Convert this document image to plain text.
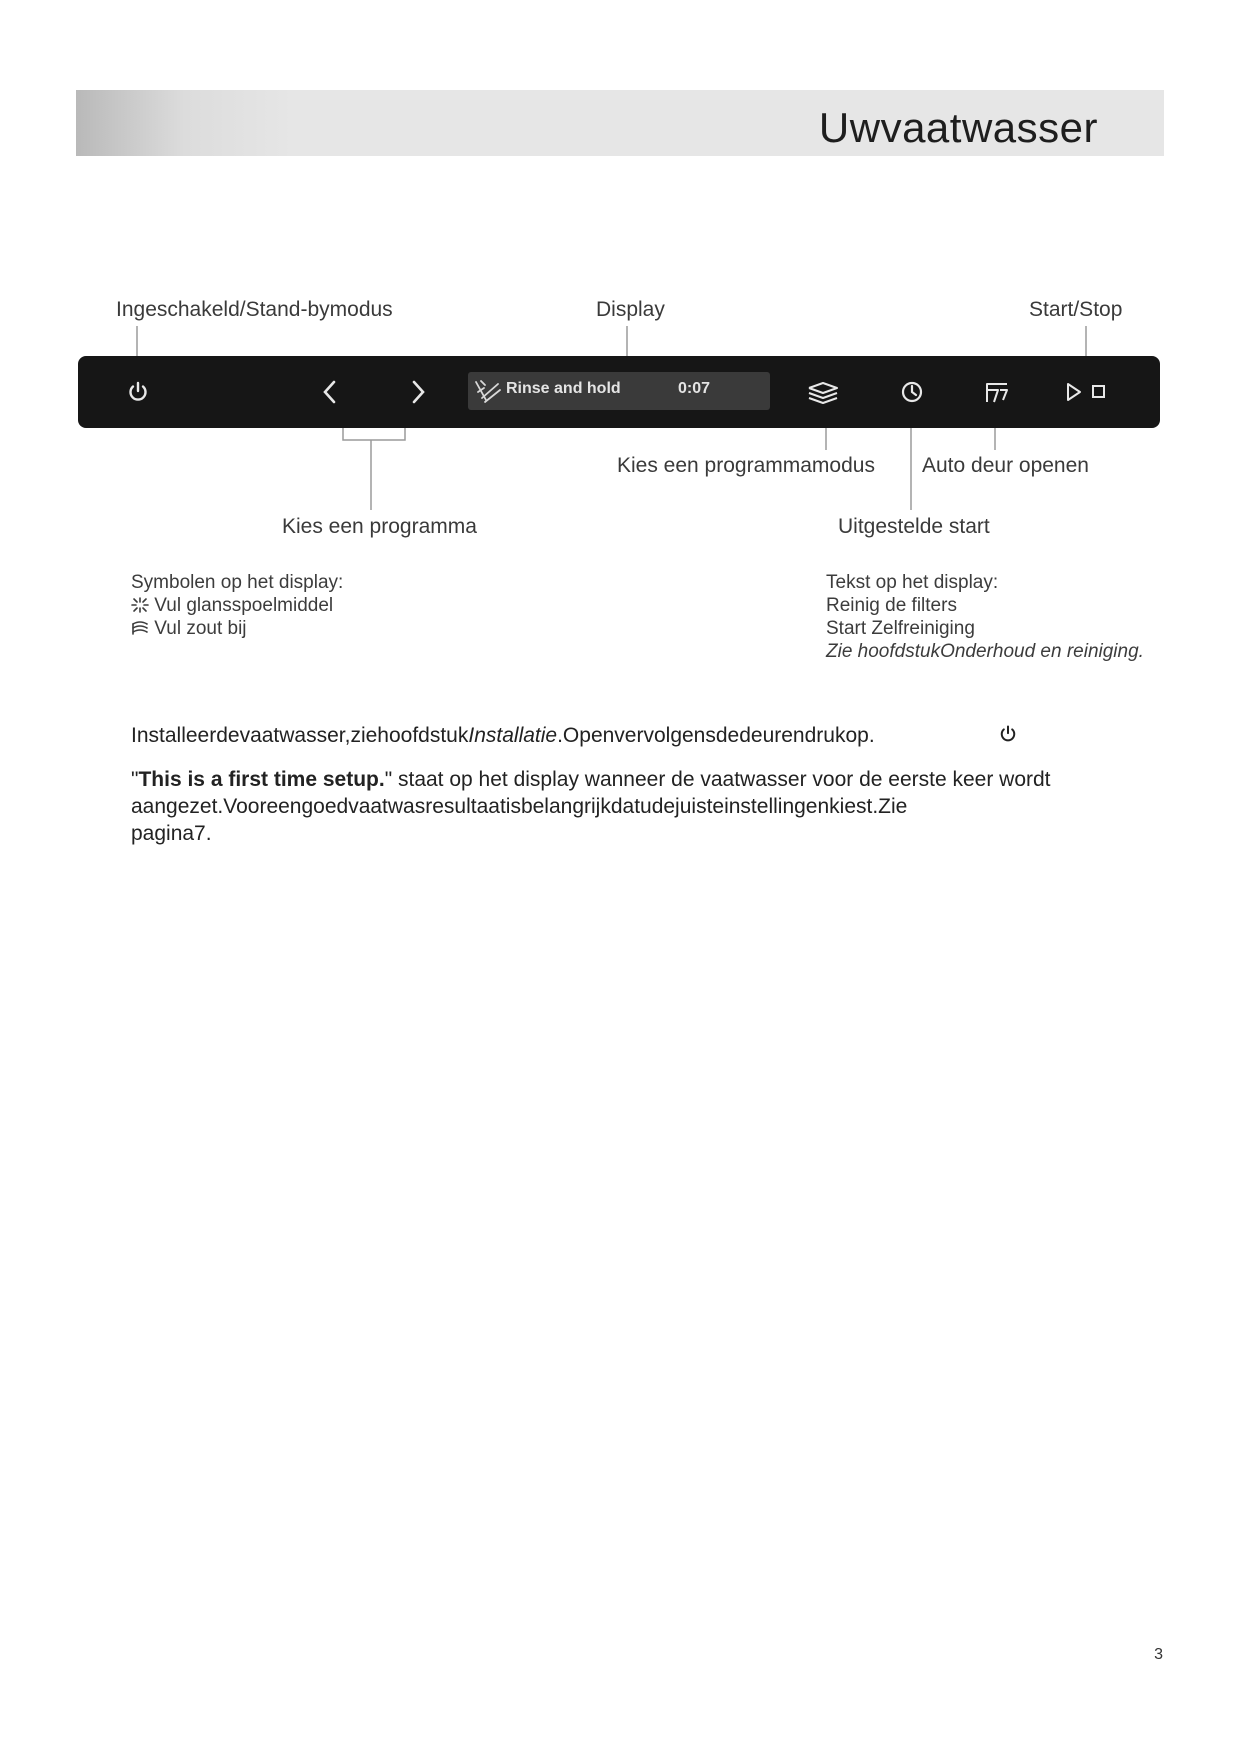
Uwvaatwasser
Ingeschakeld/Stand-bymodus	Display	Start/Stop
Kies een programmamodus Auto deur openen
Kies een programma	Uitgestelde start
Rinse and hold	0:07
Symbolen op het display:
Vul glansspoelmiddel
Vul zout bij
Tekst op het display:
Reinig de filters
Start Zelfreiniging
Zie hoofdstukOnderhoud en reiniging.
Installeerdevaatwasser,ziehoofdstukInstallatie.Openvervolgensdedeurendrukop.
"This is a first time setup." staat op het display wanneer de vaatwasser voor de eerste keer wordt
aangezet.Vooreengoedvaatwasresultaatisbelangrijkdatudejuisteinstellingenkiest.Zie
pagina7.
3
